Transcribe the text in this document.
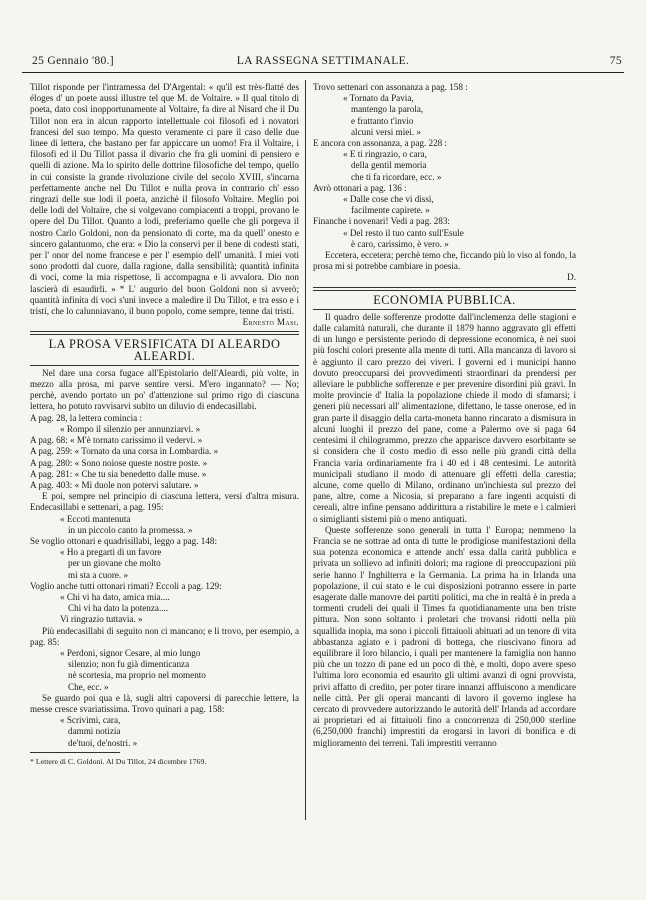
25 Gennaio '80.]	LA RASSEGNA SETTIMANALE.	75

Tillot risponde per l'intramessa del D'Argental: « qu'il est très-flatté des éloges d' un poete aussi illustre tel que M. de Voltaire. » Il qual titolo di poeta, dato così inopportunamente al Voltaire, fa dire al Nisard che il Du Tillot non era in alcun rapporto intellettuale coi filosofi ed i novatori francesi del suo tempo. Ma questo veramente ci pare il caso delle due linee di lettera, che bastano per far appiccare un uomo! Fra il Voltaire, i filosofi ed il Du Tillot passa il divario che fra gli uomini di pensiero e quelli di azione. Ma lo spirito delle dottrine filosofiche del tempo, quello in cui consiste la grande rivoluzione civile del secolo XVIII, s'incarna perfettamente anche nel Du Tillot e nulla prova in contrario ch' esso ringrazi delle sue lodi il poeta, anzichè il filosofo Voltaire. Meglio poi delle lodi del Voltaire, che si volgevano compiacenti a troppi, provano le opere del Du Tillot. Quanto a lodi, preferiamo quelle che gli porgeva il nostro Carlo Goldoni, non da pensionato di corte, ma da quell' onesto e sincero galantuomo, che era: « Dio la conservi per il bene di codesti stati, per l' onor del nome francese e per l' esempio dell' umanità. I miei voti sono prodotti dal cuore, dalla ragione, dalla sensibilità; quantità infinita di voci, come la mia rispettose, li accompagna e li avvalora. Dio non lascierà di esaudirli. » * L' augurio del buon Goldoni non si avverò; quantità infinita di voci s'unì invece a maledire il Du Tillot, e tra esso e i tristi, che lo calunniavano, il buon popolo, come sempre, tenne dai tristi.

Ernesto Masi.

LA PROSA VERSIFICATA DI ALEARDO ALEARDI.

Nel dare una corsa fugace all'Epistolario dell'Aleardi, più volte, in mezzo alla prosa, mi parve sentire versi. M'ero ingannato? — No; perchè, avendo portato un po' d'attenzione sul primo rigo di ciascuna lettera, ho potuto ravvisarvi subito un diluvio di endecasillabi.

A pag. 28, la lettera comincia :

« Rompo il silenzio per annunziarvi. »

A pag. 68: « M'è tornato carissimo il vedervi. »

A pag. 259: « Tornato da una corsa in Lombardia. »

A pag. 280: « Sono noiose queste nostre poste. »

A pag. 281: « Che tu sia benedetto dalle muse. »

A pag. 403: « Mi duole non potervi salutare. »

E poi, sempre nel principio di ciascuna lettera, versi d'altra misura. Endecasillabi e settenari, a pag. 195:

« Eccoti mantenuta

in un piccolo canto la promessa. »

Se voglio ottonari e quadrisillabi, leggo a pag. 148:

« Ho a pregarti di un favore

per un giovane che molto

mi sta a cuore. »

Voglio anche tutti ottonari rimati? Eccoli a pag. 129:

« Chi vi ha dato, amica mia....

Chi vi ha dato la potenza....

Vi ringrazio tuttavia. »

Più endecasillabi di seguito non ci mancano; e li trovo, per esempio, a pag. 85:

« Perdoni, signor Cesare, al mio lungo

silenzio; non fu già dimenticanza

nè scortesia, ma proprio nel momento

Che, ecc. »

Se guardo poi qua e là, sugli altri capoversi di parecchie lettere, la messe cresce svariatissima. Trovo quinari a pag. 158:

« Scrivimi, cara,

dammi notizia

de'tuoi, de'nostri. »

* Lettere di C. Goldoni. Al Du Tillot, 24 dicembre 1769.

Trovo settenari con assonanza a pag. 158 :

« Tornato da Pavia,

mantengo la parola,

e frattanto t'invio

alcuni versi miei. »

E ancora con assonanza, a pag. 228 :

« E ti ringrazio, o cara,

della gentil memoria

che ti fa ricordare, ecc. »

Avrò ottonari a pag. 136 :

« Dalle cose che vi dissi,

facilmente capirete. »

Finanche i novenari! Vedi a pag. 283:

« Del resto il tuo canto sull'Esule

è caro, carissimo, è vero. »

Eccetera, eccetera; perchè temo che, ficcando più lo viso al fondo, la prosa mi si potrebbe cambiare in poesia.

D.

ECONOMIA PUBBLICA.

Il quadro delle sofferenze prodotte dall'inclemenza delle stagioni e dalle calamità naturali, che durante il 1879 hanno aggravato gli effetti di un lungo e persistente periodo di depressione economica, è nei suoi più foschi colori presente alla mente di tutti. Alla mancanza di lavoro si è aggiunto il caro prezzo dei viveri. I governi ed i municipi hanno dovuto preoccuparsi dei provvedimenti straordinari da prendersi per alleviare le pubbliche sofferenze e per prevenire disordini più gravi. In molte provincie d' Italia la popolazione chiede il modo di sfamarsi; i generi più necessari all' alimentazione, difettano, le tasse onerose, ed in gran parte il disaggio della carta-moneta hanno rincarato a dismisura in alcuni luoghi il prezzo del pane, come a Palermo ove si paga 64 centesimi il chilogrammo, prezzo che apparisce davvero esorbitante se si considera che il costo medio di esso nelle più grandi città della Francia varia ordinariamente fra i 40 ed i 48 centesimi. Le autorità municipali studiano il modo di attenuare gli effetti della carestia; alcune, come quello di Milano, ordinano un'inchiesta sul prezzo del pane, altre, come a Nicosia, si preparano a fare ingenti acquisti di cereali, altre infine pensano addirittura a ristabilire le mete e i calmieri o simiglianti sistemi più o meno antiquati.

Queste sofferenze sono generali in tutta l' Europa; nemmeno la Francia se ne sottrae ad onta di tutte le prodigiose manifestazioni della sua potenza economica e attende anch' essa dalla carità pubblica e privata un sollievo ad infiniti dolori; ma ragione di preoccupazioni più serie hanno l' Inghilterra e la Germania. La prima ha in Irlanda una popolazione, il cui stato e le cui disposizioni potranno essere in parte esagerate dalle manovre dei partiti politici, ma che in realtà è in preda a tormenti crudeli dei quali il Times fa quotidianamente una ben triste pittura. Non sono soltanto i proletari che trovansi ridotti nella più squallida inopia, ma sono i piccoli fittaiuoli abituati ad un tenore di vita abbastanza agiato e i padroni di bottega, che riuscivano finora ad equilibrare il loro bilancio, i quali per mantenere la famiglia non hanno più che un tozzo di pane ed un poco di thè, e molti, dopo avere speso l'ultima loro economia ed esaurito gli ultimi avanzi di ogni provvista, privi affatto di credito, per poter tirare innanzi affluiscono a mendicare nelle città. Per gli operai mancanti di lavoro il governo inglese ha cercato di provvedere autorizzando le autorità dell' Irlanda ad accordare ai proprietari ed ai fittaiuoli fino a concorrenza di 250,000 sterline (6,250,000 franchi) imprestiti da erogarsi in lavori di bonifica e di miglioramento dei terreni. Tali imprestiti verranno
